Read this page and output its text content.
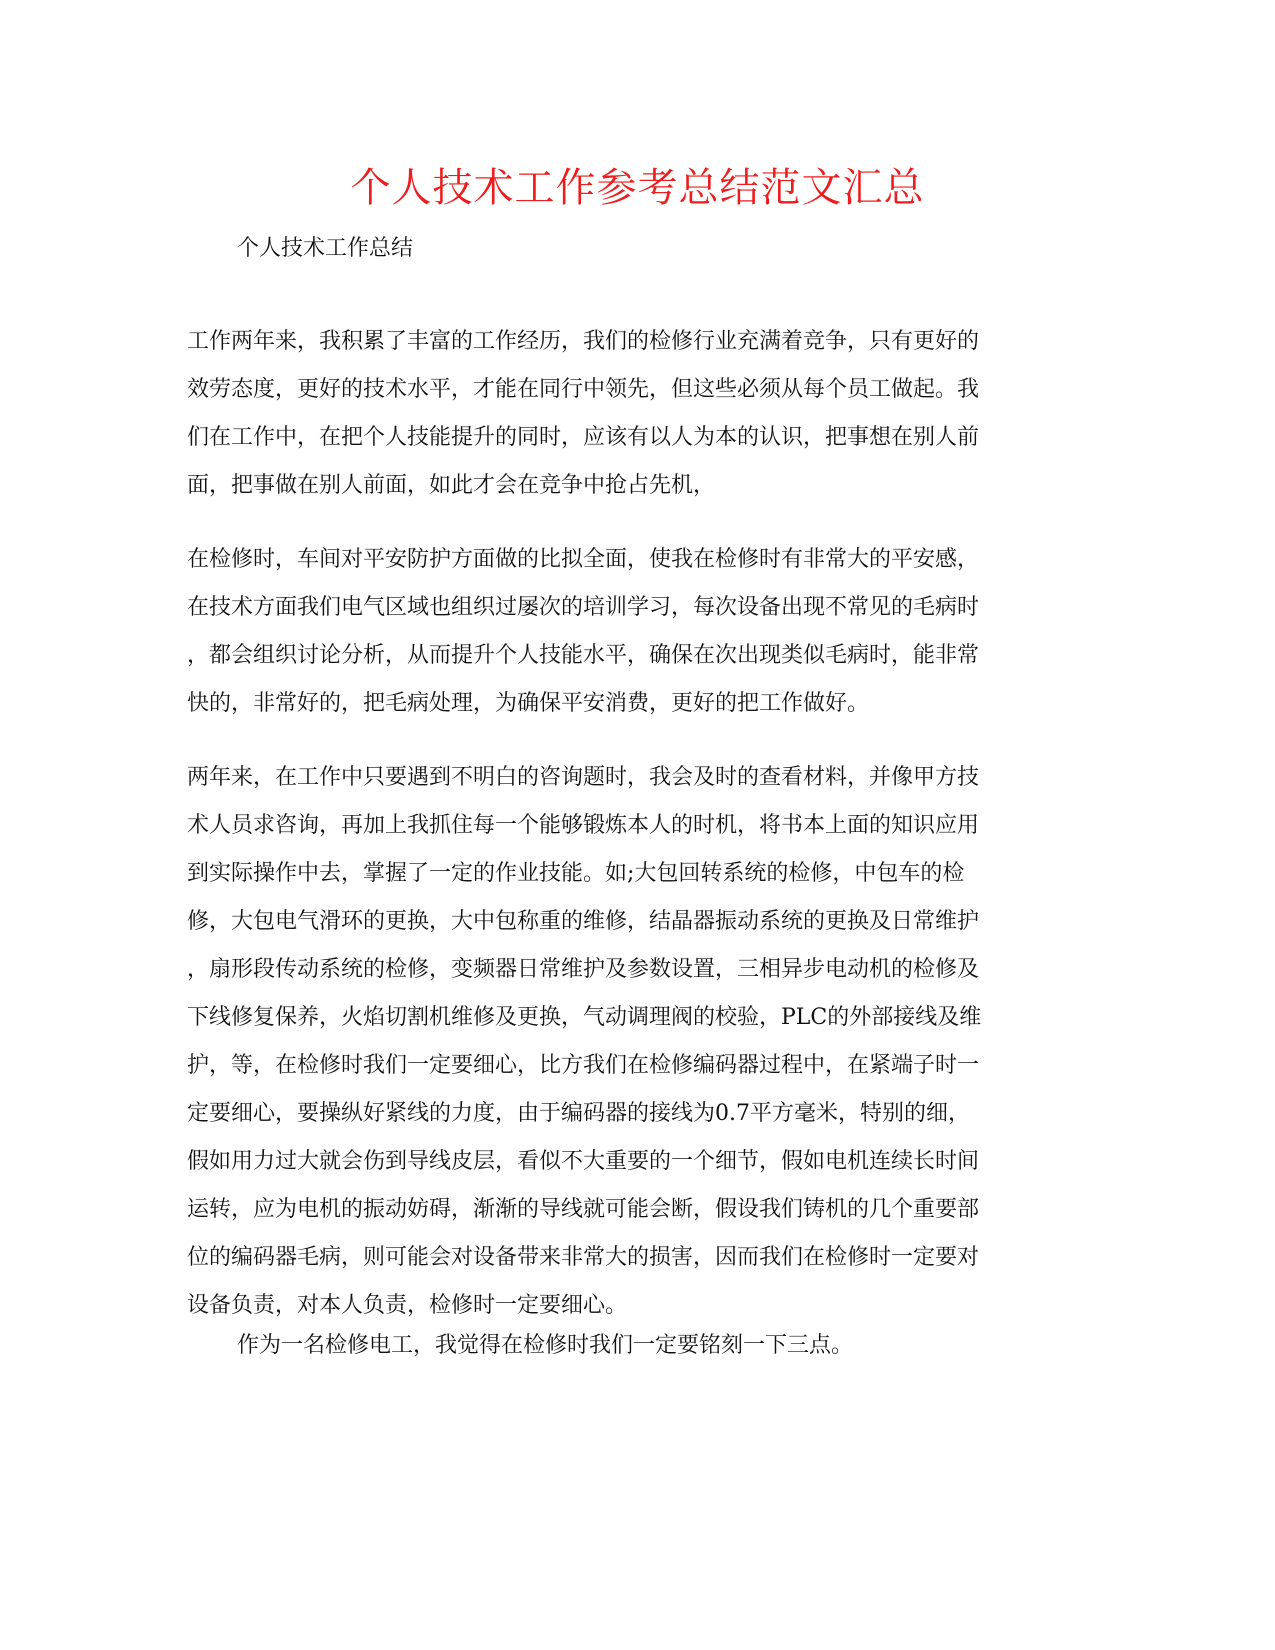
个人技术工作参考总结范文汇总
个人技术工作总结
工作两年来，我积累了丰富的工作经历，我们的检修行业充满着竞争，只有更好的
效劳态度，更好的技术水平，才能在同行中领先，但这些必须从每个员工做起。我
们在工作中，在把个人技能提升的同时，应该有以人为本的认识，把事想在别人前
面，把事做在别人前面，如此才会在竞争中抢占先机，
在检修时，车间对平安防护方面做的比拟全面，使我在检修时有非常大的平安感，
在技术方面我们电气区域也组织过屡次的培训学习，每次设备出现不常见的毛病时
，都会组织讨论分析，从而提升个人技能水平，确保在次出现类似毛病时，能非常
快的，非常好的，把毛病处理，为确保平安消费，更好的把工作做好。
两年来，在工作中只要遇到不明白的咨询题时，我会及时的查看材料，并像甲方技
术人员求咨询，再加上我抓住每一个能够锻炼本人的时机，将书本上面的知识应用
到实际操作中去，掌握了一定的作业技能。如;大包回转系统的检修，中包车的检
修，大包电气滑环的更换，大中包称重的维修，结晶器振动系统的更换及日常维护
，扇形段传动系统的检修，变频器日常维护及参数设置，三相异步电动机的检修及
下线修复保养，火焰切割机维修及更换，气动调理阀的校验，PLC的外部接线及维
护，等，在检修时我们一定要细心，比方我们在检修编码器过程中，在紧端子时一
定要细心，要操纵好紧线的力度，由于编码器的接线为0.7平方毫米，特别的细，
假如用力过大就会伤到导线皮层，看似不大重要的一个细节，假如电机连续长时间
运转，应为电机的振动妨碍，渐渐的导线就可能会断，假设我们铸机的几个重要部
位的编码器毛病，则可能会对设备带来非常大的损害，因而我们在检修时一定要对
设备负责，对本人负责，检修时一定要细心。
作为一名检修电工，我觉得在检修时我们一定要铭刻一下三点。
